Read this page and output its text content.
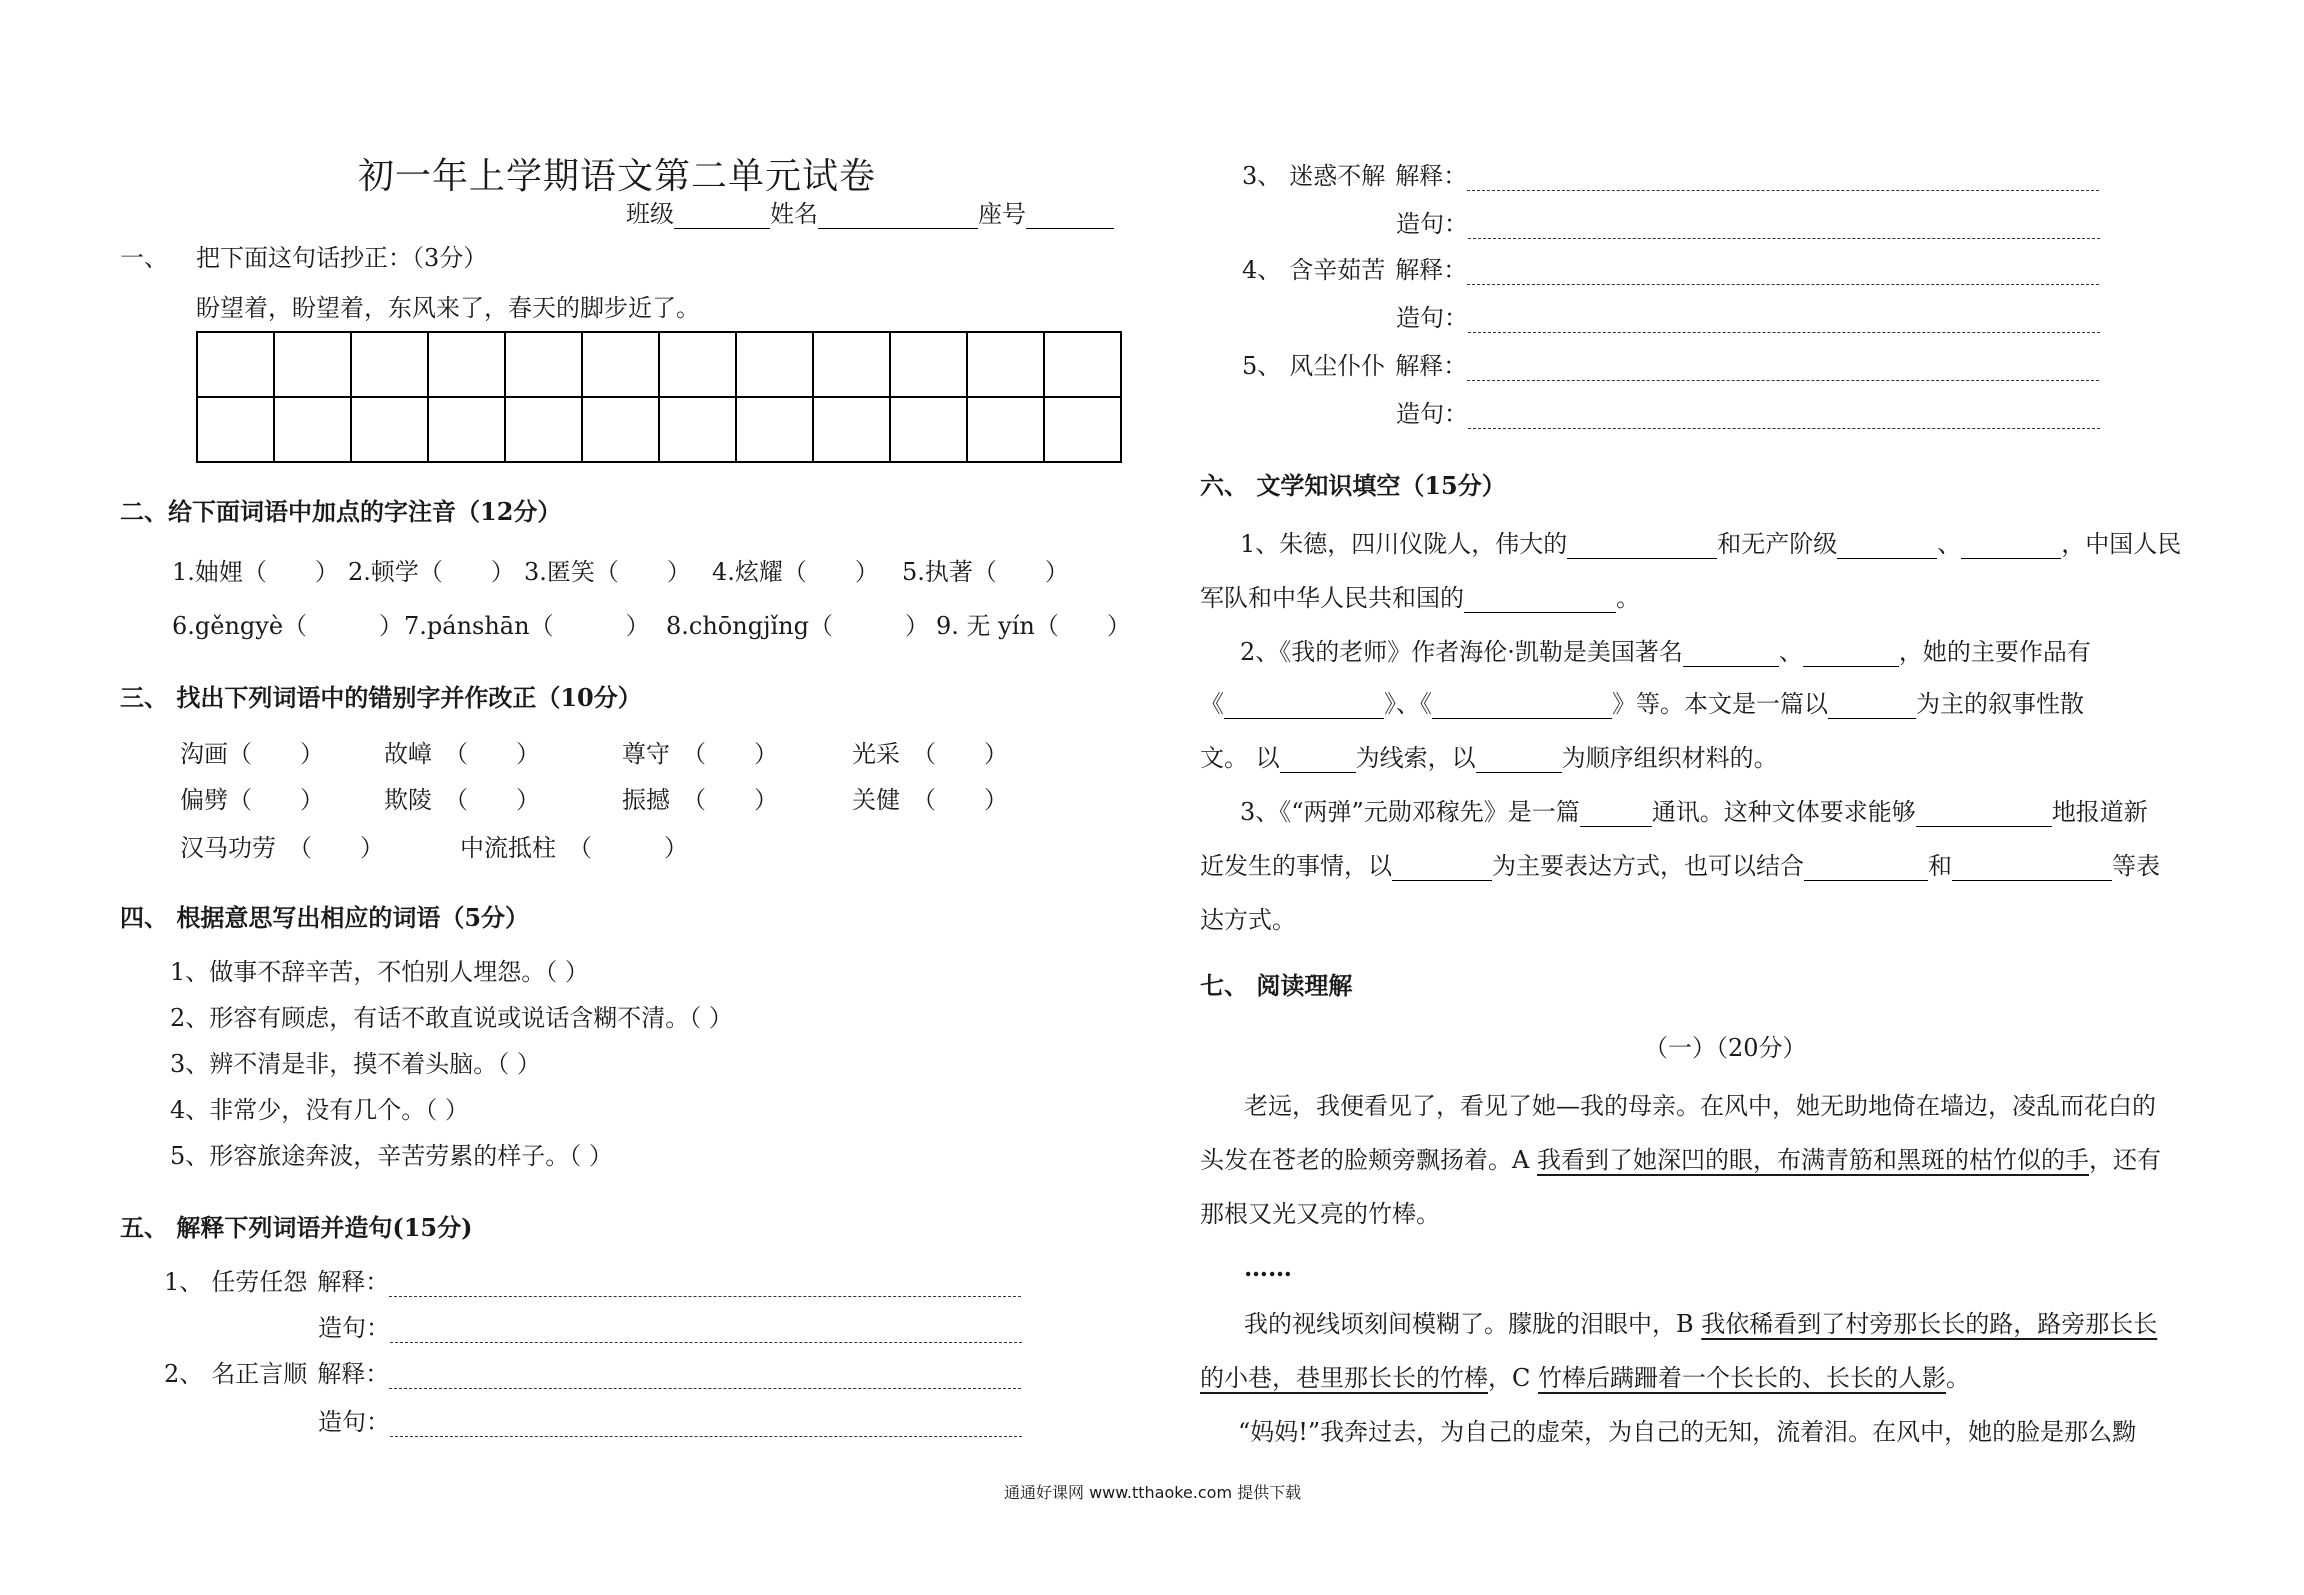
初一年上学期语文第二单元试卷
班级	姓名	座号
一、 把下面这句话抄正：（3分）
盼望着，盼望着，东风来了，春天的脚步近了。

二、给下面词语中加点的字注音（12分）
1.妯娌（　　） 2.顿学（　　） 3.匿笑（　　） 4.炫耀（　　） 5.执著（　　）
6.gěngyè（　　　） 7.pánshān（　　　） 8.chōngjǐng（　　　） 9. 无 yín（　　）
三、 找出下列词语中的错别字并作改正（10分）
沟画（　　）	故嶂　（　　）	尊守　（　　）	光采　（　　）
偏劈（　　）	欺陵　（　　）	振撼　（　　）	关健　（　　）
汉马功劳　（　　）	中流抵柱　（　　　）
四、 根据意思写出相应的词语（5分）
1、做事不辞辛苦，不怕别人埋怨。（ ）
2、形容有顾虑，有话不敢直说或说话含糊不清。（ ）
3、辨不清是非，摸不着头脑。（ ）
4、非常少，没有几个。（ ）
5、形容旅途奔波，辛苦劳累的样子。（ ）
五、 解释下列词语并造句(15分)
1、 任劳任怨 解释：
造句：
2、 名正言顺 解释：
造句：
3、 迷惑不解 解释：
造句：
4、 含辛茹苦 解释：
造句：
5、 风尘仆仆 解释：
造句：
六、 文学知识填空（15分）
1、朱德，四川仪陇人，伟大的	和无产阶级	、	，中国人民
军队和中华人民共和国的	。
2、《我的老师》作者海伦·凯勒是美国著名	、	，她的主要作品有
《	》、《	》等。本文是一篇以	为主的叙事性散
文。 以	为线索，以	为顺序组织材料的。
3、《“两弹”元勋邓稼先》是一篇	通讯。这种文体要求能够	地报道新
近发生的事情，以	为主要表达方式，也可以结合	和	等表
达方式。
七、 阅读理解
（一）（20分）
老远，我便看见了，看见了她—我的母亲。在风中，她无助地倚在墙边，凌乱而花白的
头发在苍老的脸颊旁飘扬着。A 我看到了她深凹的眼，布满青筋和黑斑的枯竹似的手，还有
那根又光又亮的竹棒。
……
我的视线顷刻间模糊了。朦胧的泪眼中，B 我依稀看到了村旁那长长的路，路旁那长长
的小巷，巷里那长长的竹棒，C 竹棒后蹒跚着一个长长的、长长的人影。
“妈妈!”我奔过去，为自己的虚荣，为自己的无知，流着泪。在风中，她的脸是那么黝
通通好课网 www.tthaoke.com 提供下载
